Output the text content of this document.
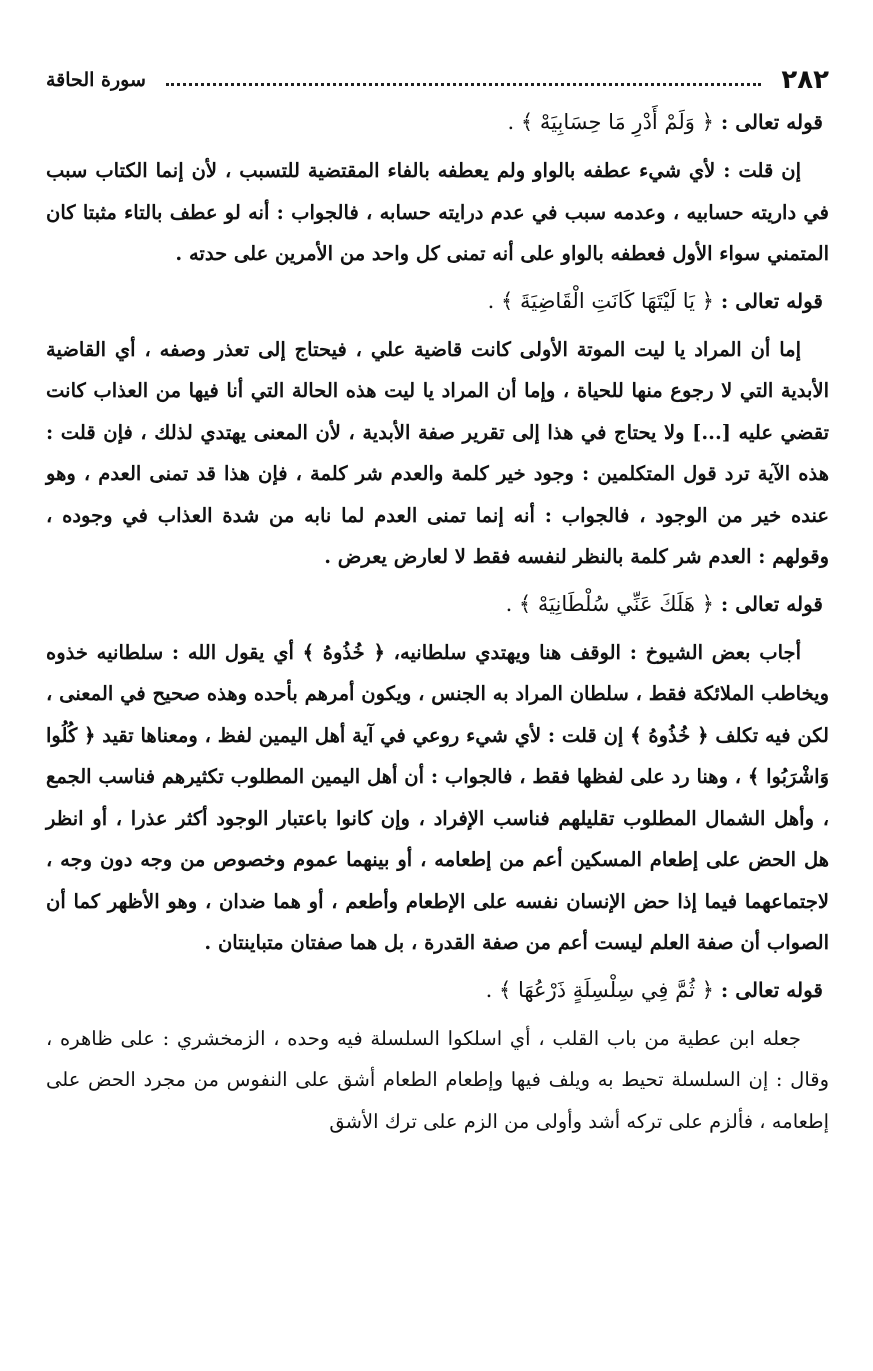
٢٨٢
سورة الحاقة
قوله تعالى : ﴿ وَلَمْ أَدْرِ مَا حِسَابِيَهْ ﴾ .

إن قلت : لأي شيء عطفه بالواو ولم يعطفه بالفاء المقتضية للتسبب ، لأن إنما الكتاب سبب في داريته حسابيه ، وعدمه سبب في عدم درايته حسابه ، فالجواب : أنه لو عطف بالتاء مثبتا كان المتمني سواء الأول فعطفه بالواو على أنه تمنى كل واحد من الأمرين على حدته .

قوله تعالى : ﴿ يَا لَيْتَهَا كَانَتِ الْقَاضِيَةَ ﴾ .

إما أن المراد يا ليت الموتة الأولى كانت قاضية علي ، فيحتاج إلى تعذر وصفه ، أي القاضية الأبدية التي لا رجوع منها للحياة ، وإما أن المراد يا ليت هذه الحالة التي أنا فيها من العذاب كانت تقضي عليه [...] ولا يحتاج في هذا إلى تقرير صفة الأبدية ، لأن المعنى يهتدي لذلك ، فإن قلت : هذه الآية ترد قول المتكلمين : وجود خير كلمة والعدم شر كلمة ، فإن هذا قد تمنى العدم ، وهو عنده خير من الوجود ، فالجواب : أنه إنما تمنى العدم لما نابه من شدة العذاب في وجوده ، وقولهم : العدم شر كلمة بالنظر لنفسه فقط لا لعارض يعرض .

قوله تعالى : ﴿ هَلَكَ عَنِّي سُلْطَانِيَهْ ﴾ .

أجاب بعض الشيوخ : الوقف هنا ويهتدي سلطانيه، ﴿ خُذُوهُ ﴾ أي يقول الله : سلطانيه خذوه ويخاطب الملائكة فقط ، سلطان المراد به الجنس ، ويكون أمرهم بأحده وهذه صحيح في المعنى ، لكن فيه تكلف ﴿ خُذُوهُ ﴾ إن قلت : لأي شيء روعي في آية أهل اليمين لفظ ، ومعناها تقيد ﴿ كُلُوا وَاشْرَبُوا ﴾ ، وهنا رد على لفظها فقط ، فالجواب : أن أهل اليمين المطلوب تكثيرهم فناسب الجمع ، وأهل الشمال المطلوب تقليلهم فناسب الإفراد ، وإن كانوا باعتبار الوجود أكثر عذرا ، أو انظر هل الحض على إطعام المسكين أعم من إطعامه ، أو بينهما عموم وخصوص من وجه دون وجه ، لاجتماعهما فيما إذا حض الإنسان نفسه على الإطعام وأطعم ، أو هما ضدان ، وهو الأظهر كما أن الصواب أن صفة العلم ليست أعم من صفة القدرة ، بل هما صفتان متباينتان .

قوله تعالى : ﴿ ثُمَّ فِي سِلْسِلَةٍ ذَرْعُهَا ﴾ .

جعله ابن عطية من باب القلب ، أي اسلكوا السلسلة فيه وحده ، الزمخشري : على ظاهره ، وقال : إن السلسلة تحيط به ويلف فيها وإطعام الطعام أشق على النفوس من مجرد الحض على إطعامه ، فألزم على تركه أشد وأولى من الزم على ترك الأشق
